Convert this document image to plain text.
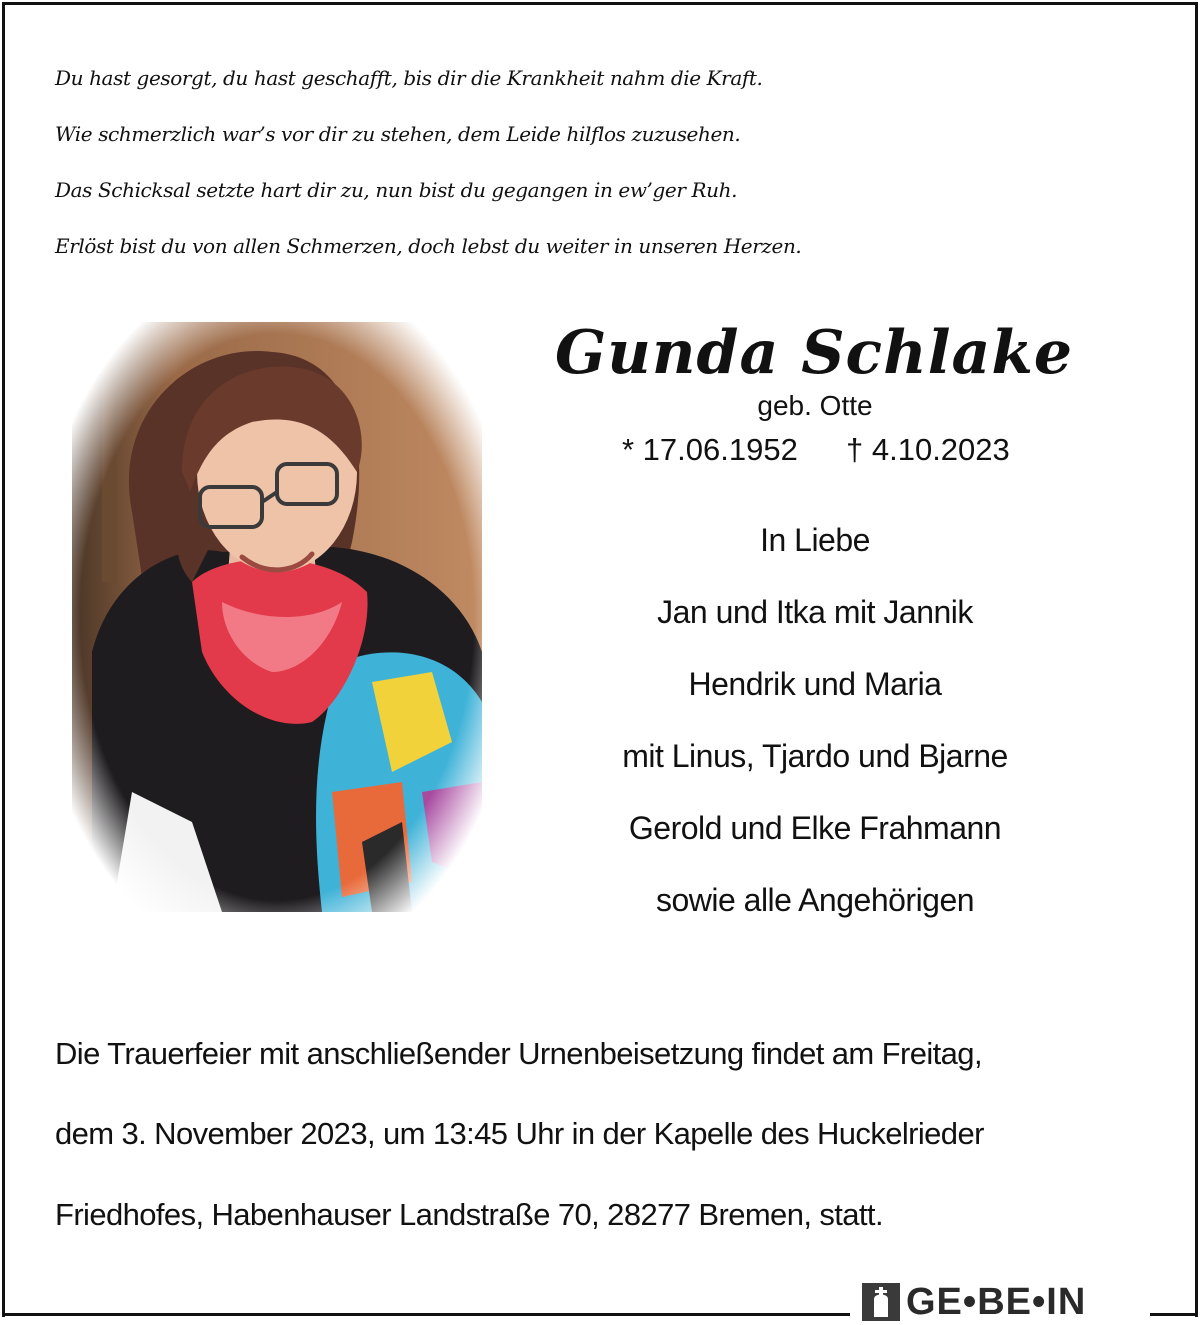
Du hast gesorgt, du hast geschafft, bis dir die Krankheit nahm die Kraft.
Wie schmerzlich war’s vor dir zu stehen, dem Leide hilflos zuzusehen.
Das Schicksal setzte hart dir zu, nun bist du gegangen in ew’ger Ruh.
Erlöst bist du von allen Schmerzen, doch lebst du weiter in unseren Herzen.
Gunda Schlake
geb. Otte
* 17.06.1952 † 4.10.2023
In Liebe
Jan und Itka mit Jannik
Hendrik und Maria
mit Linus, Tjardo und Bjarne
Gerold und Elke Frahmann
sowie alle Angehörigen
Die Trauerfeier mit anschließender Urnenbeisetzung findet am Freitag,
dem 3. November 2023, um 13:45 Uhr in der Kapelle des Huckelrieder
Friedhofes, Habenhauser Landstraße 70, 28277 Bremen, statt.
GE•BE•IN
